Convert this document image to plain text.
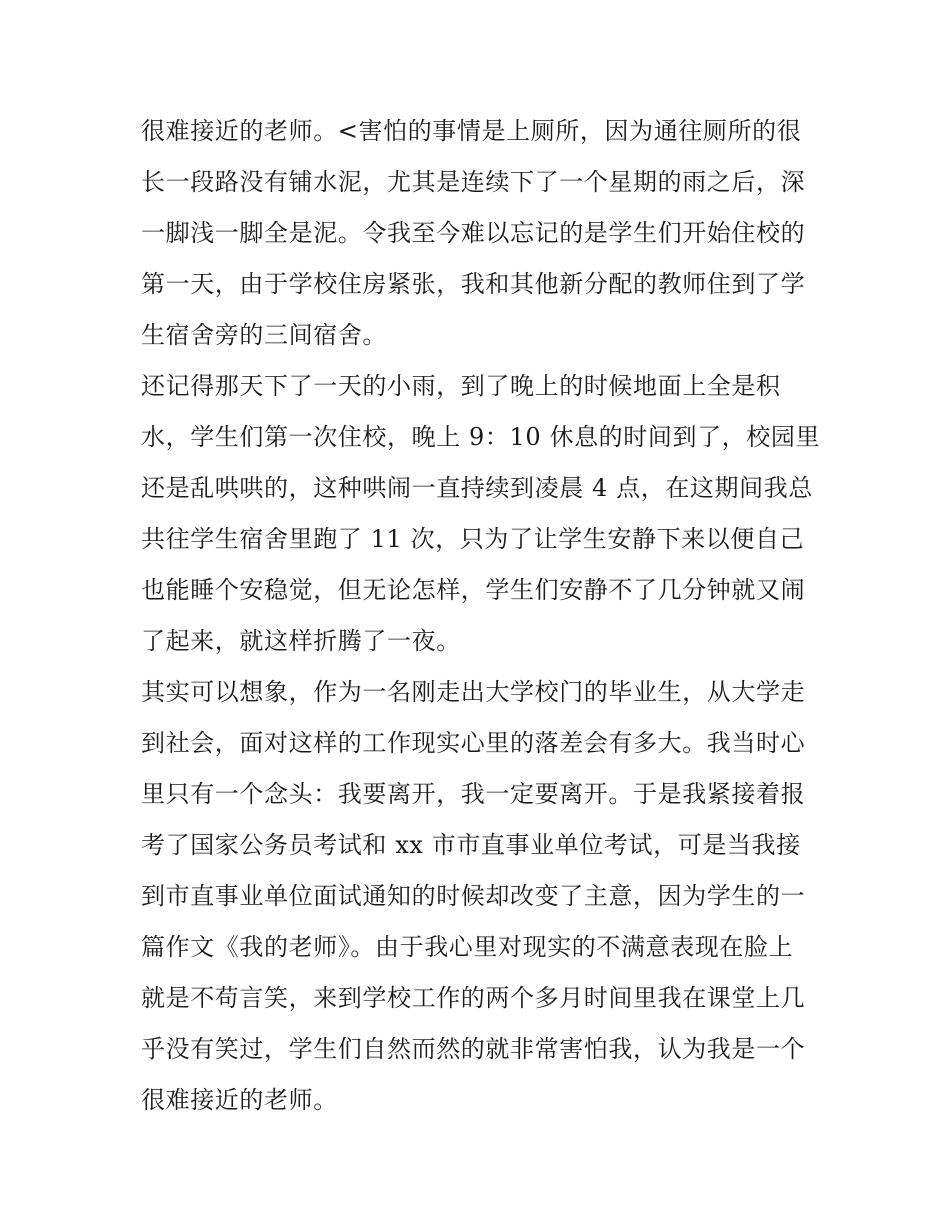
很难接近的老师。<害怕的事情是上厕所，因为通往厕所的很
长一段路没有铺水泥，尤其是连续下了一个星期的雨之后，深
一脚浅一脚全是泥。令我至今难以忘记的是学生们开始住校的
第一天，由于学校住房紧张，我和其他新分配的教师住到了学
生宿舍旁的三间宿舍。
还记得那天下了一天的小雨，到了晚上的时候地面上全是积
水，学生们第一次住校，晚上 9：10 休息的时间到了，校园里
还是乱哄哄的，这种哄闹一直持续到凌晨 4 点，在这期间我总
共往学生宿舍里跑了 11 次，只为了让学生安静下来以便自己
也能睡个安稳觉，但无论怎样，学生们安静不了几分钟就又闹
了起来，就这样折腾了一夜。
其实可以想象，作为一名刚走出大学校门的毕业生，从大学走
到社会，面对这样的工作现实心里的落差会有多大。我当时心
里只有一个念头：我要离开，我一定要离开。于是我紧接着报
考了国家公务员考试和 xx 市市直事业单位考试，可是当我接
到市直事业单位面试通知的时候却改变了主意，因为学生的一
篇作文《我的老师》。由于我心里对现实的不满意表现在脸上
就是不苟言笑，来到学校工作的两个多月时间里我在课堂上几
乎没有笑过，学生们自然而然的就非常害怕我，认为我是一个
很难接近的老师。
